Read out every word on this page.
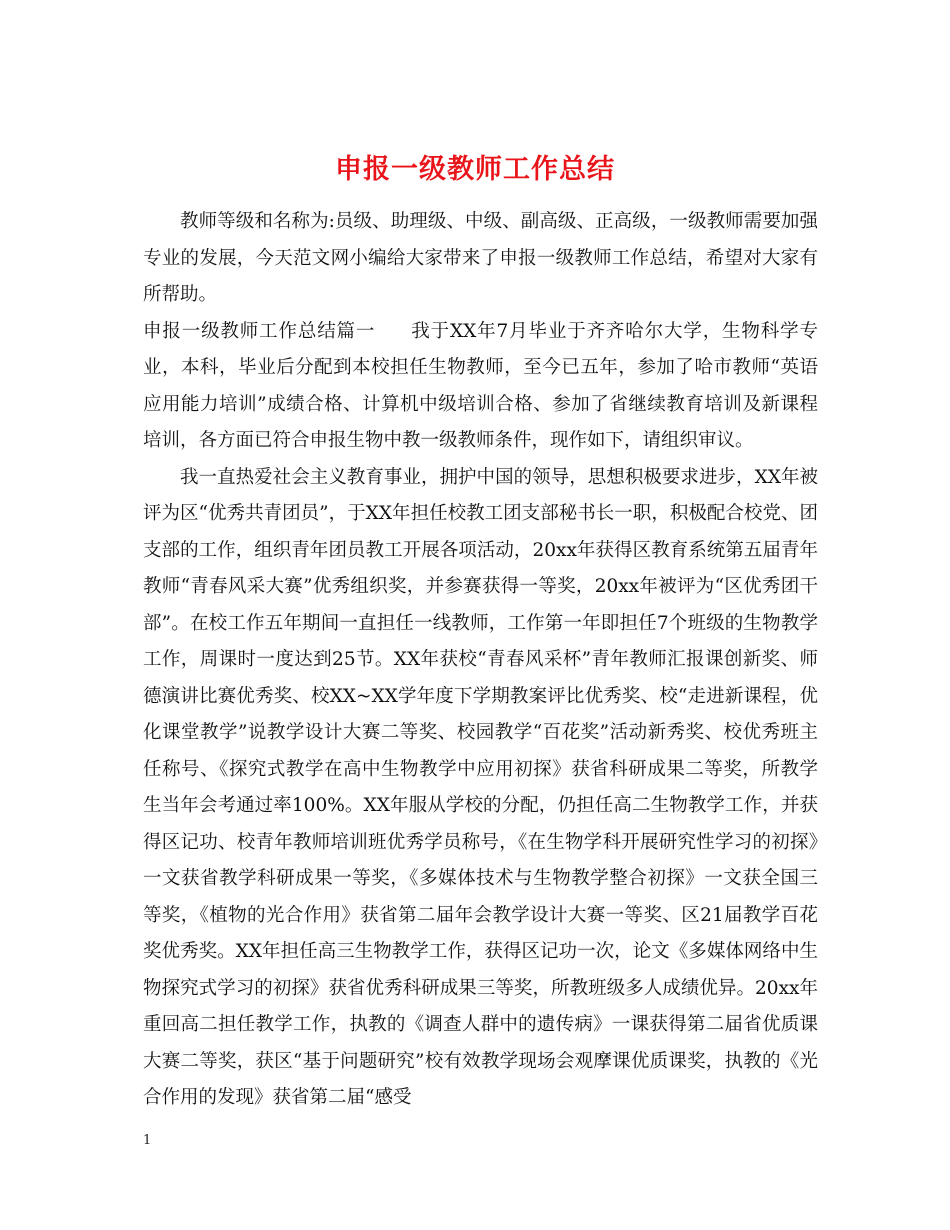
申报一级教师工作总结

教师等级和名称为:员级、助理级、中级、副高级、正高级，一级教师需要加强专业的发展，今天范文网小编给大家带来了申报一级教师工作总结，希望对大家有所帮助。

申报一级教师工作总结篇一 我于XX年7月毕业于齐齐哈尔大学，生物科学专业，本科，毕业后分配到本校担任生物教师，至今已五年，参加了哈市教师“英语应用能力培训”成绩合格、计算机中级培训合格、参加了省继续教育培训及新课程培训，各方面已符合申报生物中教一级教师条件，现作如下，请组织审议。

我一直热爱社会主义教育事业，拥护中国的领导，思想积极要求进步，XX年被评为区“优秀共青团员”，于XX年担任校教工团支部秘书长一职，积极配合校党、团支部的工作，组织青年团员教工开展各项活动，20xx年获得区教育系统第五届青年教师“青春风采大赛”优秀组织奖，并参赛获得一等奖，20xx年被评为“区优秀团干部”。在校工作五年期间一直担任一线教师，工作第一年即担任7个班级的生物教学工作，周课时一度达到25节。XX年获校“青春风采杯”青年教师汇报课创新奖、师德演讲比赛优秀奖、校XX~XX学年度下学期教案评比优秀奖、校“走进新课程，优化课堂教学”说教学设计大赛二等奖、校园教学“百花奖”活动新秀奖、校优秀班主任称号、《探究式教学在高中生物教学中应用初探》获省科研成果二等奖，所教学生当年会考通过率100%。XX年服从学校的分配，仍担任高二生物教学工作，并获得区记功、校青年教师培训班优秀学员称号，《在生物学科开展研究性学习的初探》一文获省教学科研成果一等奖，《多媒体技术与生物教学整合初探》一文获全国三等奖，《植物的光合作用》获省第二届年会教学设计大赛一等奖、区21届教学百花奖优秀奖。XX年担任高三生物教学工作，获得区记功一次，论文《多媒体网络中生物探究式学习的初探》获省优秀科研成果三等奖，所教班级多人成绩优异。20xx年重回高二担任教学工作，执教的《调查人群中的遗传病》一课获得第二届省优质课大赛二等奖，获区“基于问题研究”校有效教学现场会观摩课优质课奖，执教的《光合作用的发现》获省第二届“感受

1
